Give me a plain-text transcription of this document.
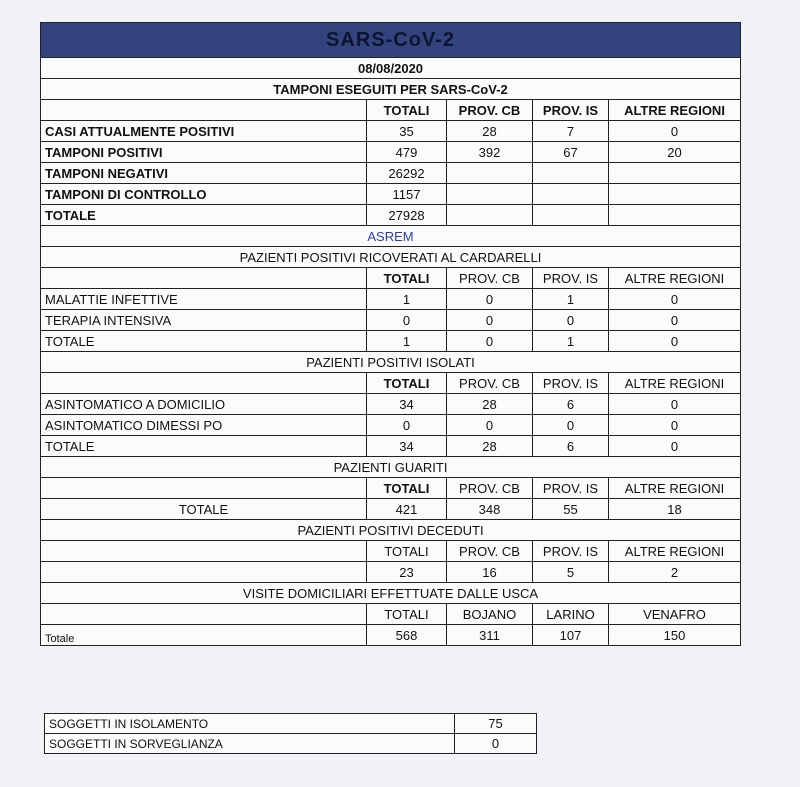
SARS-CoV-2				
08/08/2020				
TAMPONI ESEGUITI PER SARS-CoV-2				
	TOTALI	PROV. CB	PROV. IS	ALTRE REGIONI
CASI ATTUALMENTE POSITIVI	35	28	7	0
TAMPONI POSITIVI	479	392	67	20
TAMPONI NEGATIVI	26292			
TAMPONI DI CONTROLLO	1157			
TOTALE	27928			
ASREM				
PAZIENTI POSITIVI RICOVERATI AL CARDARELLI				
	TOTALI	PROV. CB	PROV. IS	ALTRE REGIONI
MALATTIE INFETTIVE	1	0	1	0
TERAPIA INTENSIVA	0	0	0	0
TOTALE	1	0	1	0
PAZIENTI POSITIVI ISOLATI				
	TOTALI	PROV. CB	PROV. IS	ALTRE REGIONI
ASINTOMATICO A DOMICILIO	34	28	6	0
ASINTOMATICO DIMESSI PO	0	0	0	0
TOTALE	34	28	6	0
PAZIENTI GUARITI				
	TOTALI	PROV. CB	PROV. IS	ALTRE REGIONI
TOTALE	421	348	55	18
PAZIENTI POSITIVI DECEDUTI				
	TOTALI	PROV. CB	PROV. IS	ALTRE REGIONI
	23	16	5	2
VISITE DOMICILIARI EFFETTUATE DALLE USCA				
	TOTALI	BOJANO	LARINO	VENAFRO
Totale	568	311	107	150
SOGGETTI IN ISOLAMENTO	75
SOGGETTI IN SORVEGLIANZA	0
